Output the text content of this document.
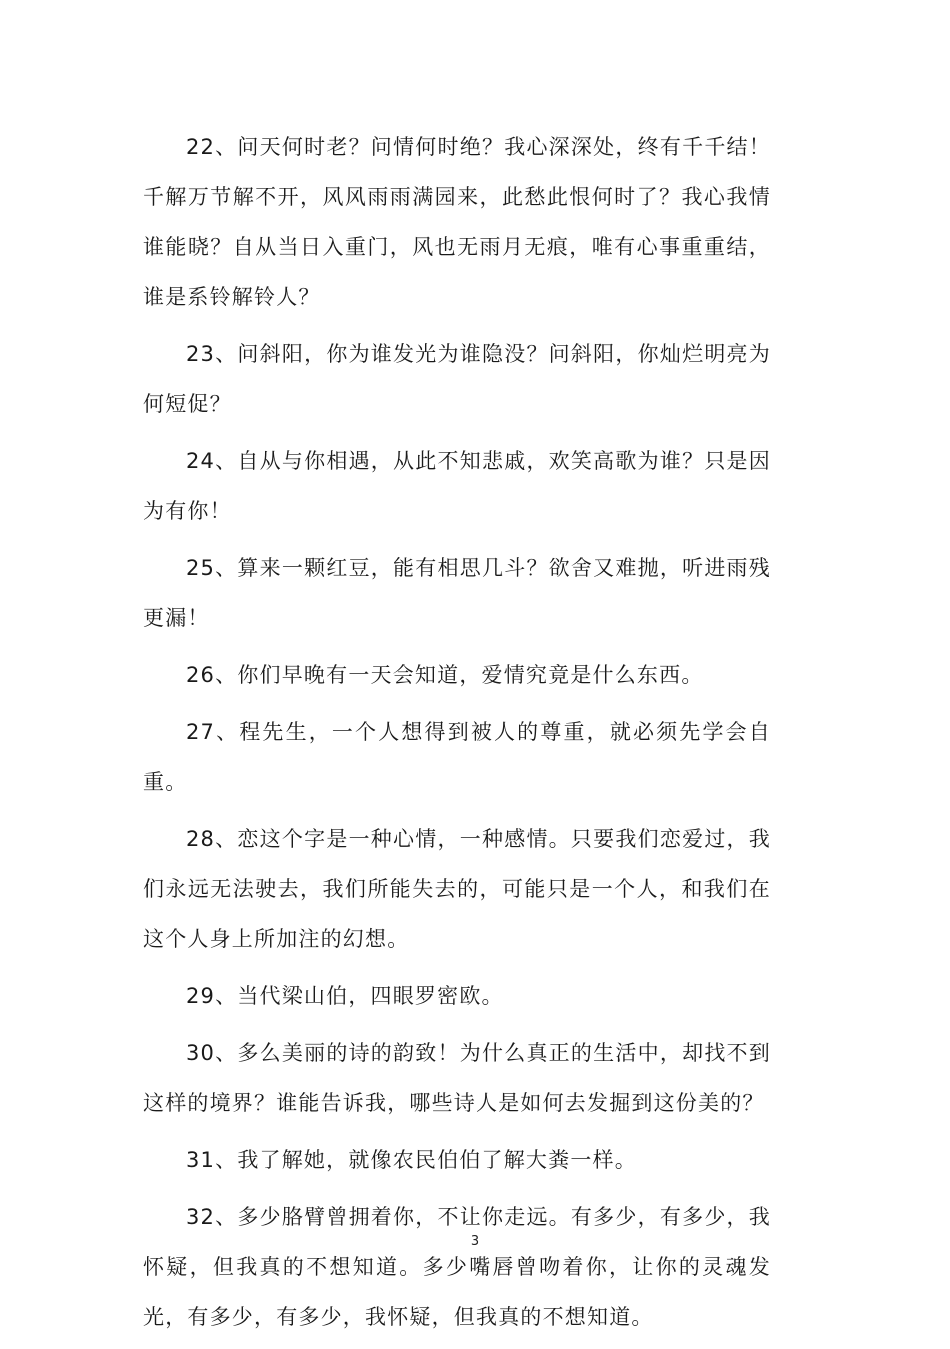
22、问天何时老？问情何时绝？我心深深处，终有千千结！千解万节解不开，风风雨雨满园来，此愁此恨何时了？我心我情谁能晓？自从当日入重门，风也无雨月无痕，唯有心事重重结，谁是系铃解铃人？

23、问斜阳，你为谁发光为谁隐没？问斜阳，你灿烂明亮为何短促？

24、自从与你相遇，从此不知悲戚，欢笑高歌为谁？只是因为有你！

25、算来一颗红豆，能有相思几斗？欲舍又难抛，听进雨残更漏！

26、你们早晚有一天会知道，爱情究竟是什么东西。

27、程先生，一个人想得到被人的尊重，就必须先学会自重。

28、恋这个字是一种心情，一种感情。只要我们恋爱过，我们永远无法驶去，我们所能失去的，可能只是一个人，和我们在这个人身上所加注的幻想。

29、当代梁山伯，四眼罗密欧。

30、多么美丽的诗的韵致！为什么真正的生活中，却找不到这样的境界？谁能告诉我，哪些诗人是如何去发掘到这份美的？

31、我了解她，就像农民伯伯了解大粪一样。

32、多少胳臂曾拥着你，不让你走远。有多少，有多少，我怀疑，但我真的不想知道。多少嘴唇曾吻着你，让你的灵魂发光，有多少，有多少，我怀疑，但我真的不想知道。

3
